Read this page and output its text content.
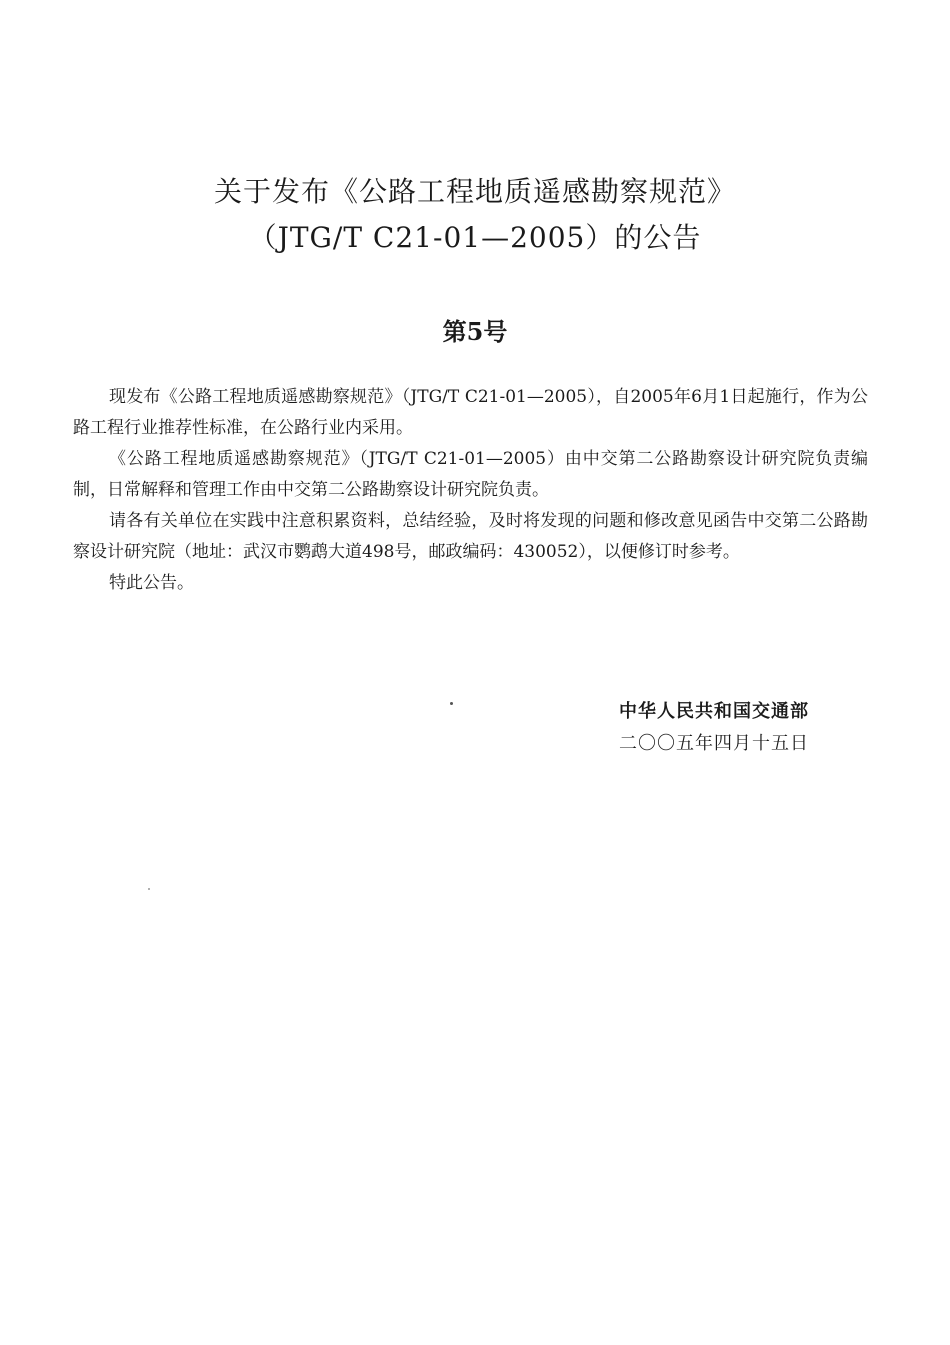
关于发布《公路工程地质遥感勘察规范》
（JTG/T C21-01—2005）的公告
第5号

现发布《公路工程地质遥感勘察规范》（JTG/T C21-01—2005），自2005年6月1日起施行，作为公路工程行业推荐性标准，在公路行业内采用。

《公路工程地质遥感勘察规范》（JTG/T C21-01—2005）由中交第二公路勘察设计研究院负责编制，日常解释和管理工作由中交第二公路勘察设计研究院负责。

请各有关单位在实践中注意积累资料，总结经验，及时将发现的问题和修改意见函告中交第二公路勘察设计研究院（地址：武汉市鹦鹉大道498号，邮政编码：430052），以便修订时参考。

特此公告。

中华人民共和国交通部
二〇〇五年四月十五日
